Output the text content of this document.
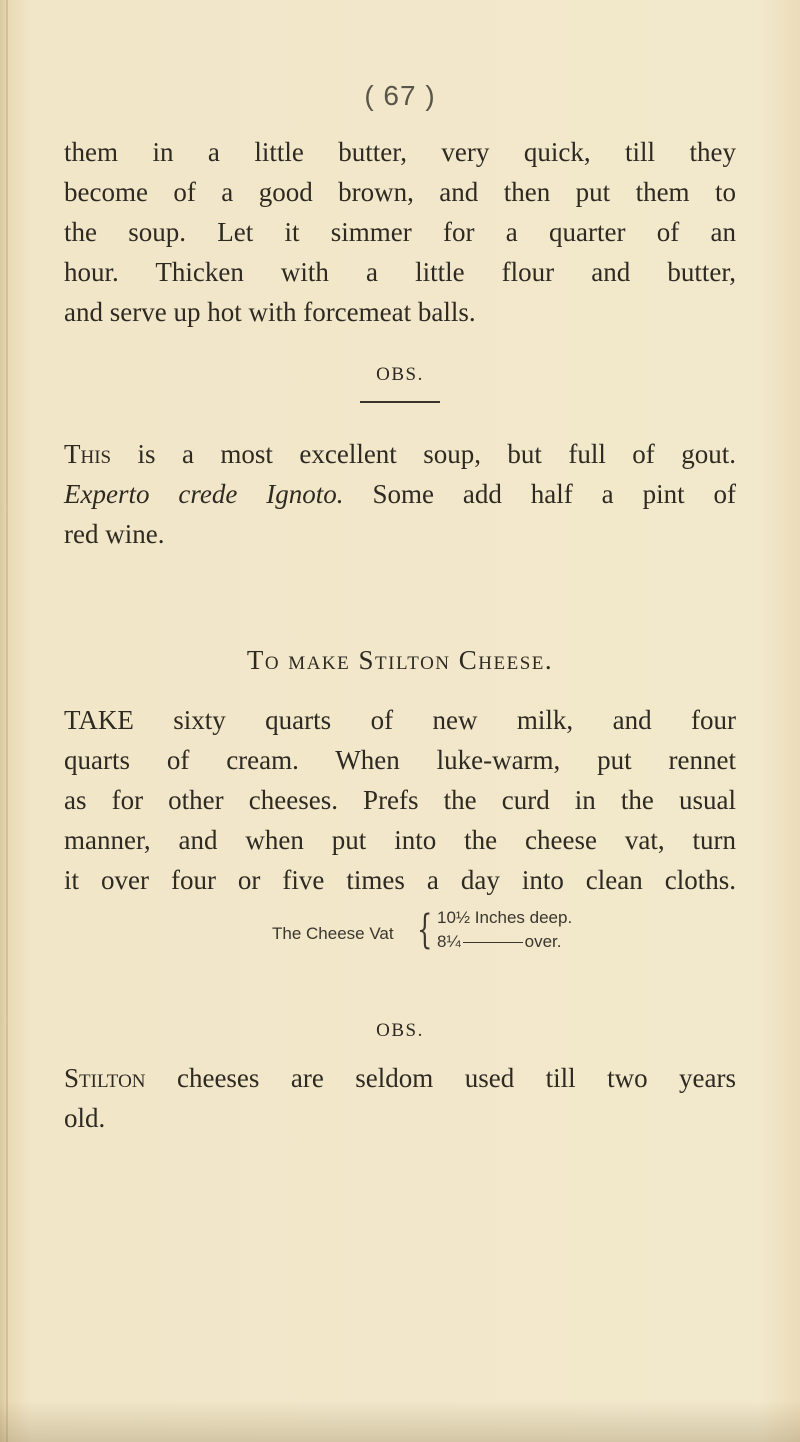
( 67 )

them in a little butter, very quick, till they
become of a good brown, and then put them to
the soup. Let it simmer for a quarter of an
hour. Thicken with a little flour and butter,
and serve up hot with forcemeat balls.

OBS.

This is a most excellent soup, but full of gout.
Experto crede Ignoto. Some add half a pint of
red wine.

To make Stilton Cheese.

TAKE sixty quarts of new milk, and four
quarts of cream. When luke-warm, put rennet
as for other cheeses. Prefs the curd in the usual
manner, and when put into the cheese vat, turn
it over four or five times a day into clean cloths.

The Cheese Vat { 10½ Inches deep.
8¼	over.
OBS.

Stilton cheeses are seldom used till two years
old.
